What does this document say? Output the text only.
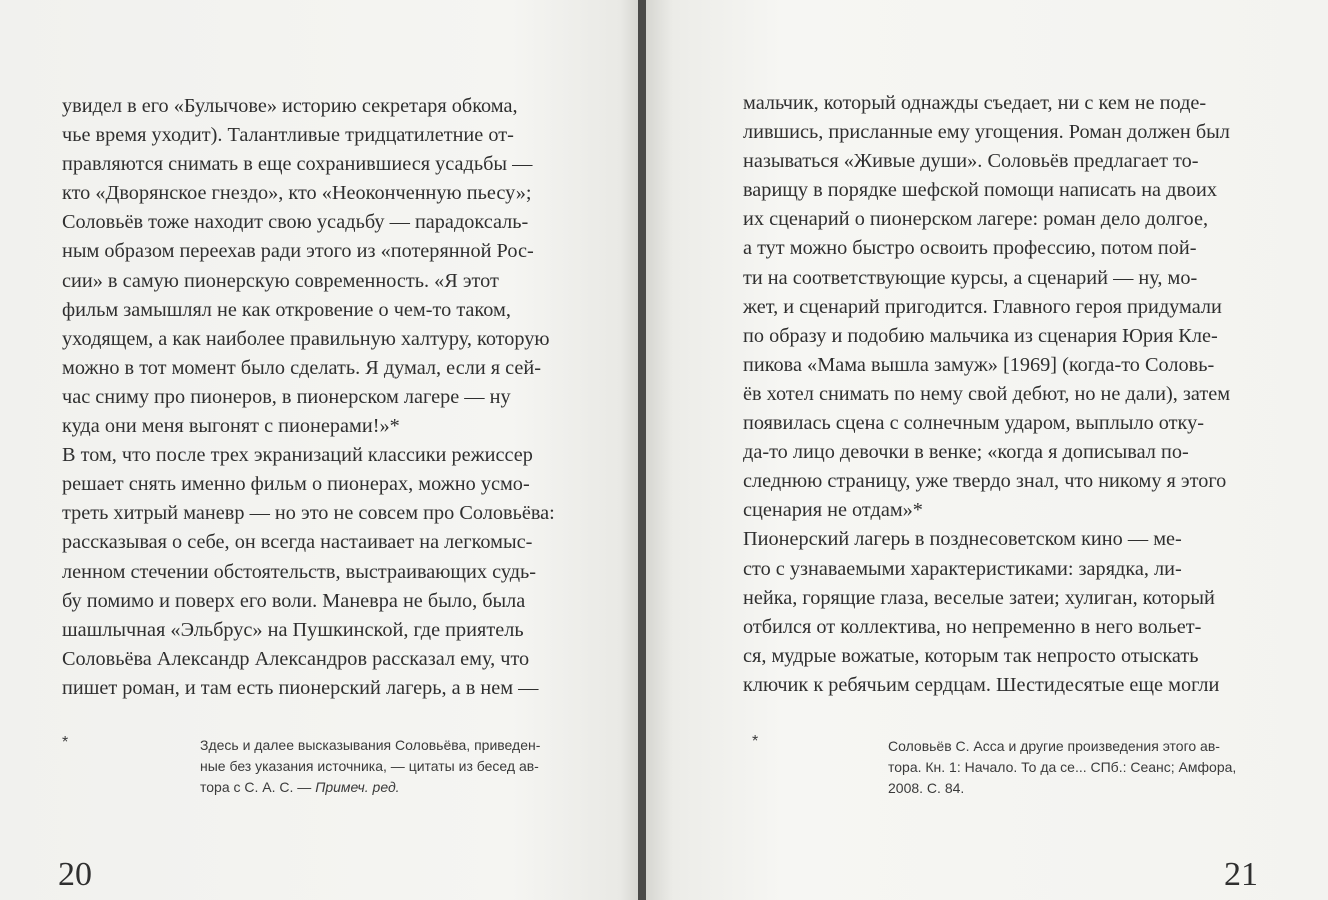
увидел в его «Булычове» историю секретаря обкома,
чье время уходит). Талантливые тридцатилетние от-
правляются снимать в еще сохранившиеся усадьбы —
кто «Дворянское гнездо», кто «Неоконченную пьесу»;
Соловьёв тоже находит свою усадьбу — парадоксаль-
ным образом переехав ради этого из «потерянной Рос-
сии» в самую пионерскую современность. «Я этот
фильм замышлял не как откровение о чем-то таком,
уходящем, а как наиболее правильную халтуру, которую
можно в тот момент было сделать. Я думал, если я сей-
час сниму про пионеров, в пионерском лагере — ну
куда они меня выгонят с пионерами!»*
В том, что после трех экранизаций классики режиссер
решает снять именно фильм о пионерах, можно усмо-
треть хитрый маневр — но это не совсем про Соловьёва:
рассказывая о себе, он всегда настаивает на легкомыс-
ленном стечении обстоятельств, выстраивающих судь-
бу помимо и поверх его воли. Маневра не было, была
шашлычная «Эльбрус» на Пушкинской, где приятель
Соловьёва Александр Александров рассказал ему, что
пишет роман, и там есть пионерский лагерь, а в нем —
*	Здесь и далее высказывания Соловьёва, приведен-
ные без указания источника, — цитаты из бесед ав-
тора с С. А. С. — Примеч. ред.
20
мальчик, который однажды съедает, ни с кем не поде-
лившись, присланные ему угощения. Роман должен был
называться «Живые души». Соловьёв предлагает то-
варищу в порядке шефской помощи написать на двоих
их сценарий о пионерском лагере: роман дело долгое,
а тут можно быстро освоить профессию, потом пой-
ти на соответствующие курсы, а сценарий — ну, мо-
жет, и сценарий пригодится. Главного героя придумали
по образу и подобию мальчика из сценария Юрия Кле-
пикова «Мама вышла замуж» [1969] (когда-то Соловь-
ёв хотел снимать по нему свой дебют, но не дали), затем
появилась сцена с солнечным ударом, выплыло отку-
да-то лицо девочки в венке; «когда я дописывал по-
следнюю страницу, уже твердо знал, что никому я этого
сценария не отдам»*
Пионерский лагерь в позднесоветском кино — ме-
сто с узнаваемыми характеристиками: зарядка, ли-
нейка, горящие глаза, веселые затеи; хулиган, который
отбился от коллектива, но непременно в него вольет-
ся, мудрые вожатые, которым так непросто отыскать
ключик к ребячьим сердцам. Шестидесятые еще могли
*	Соловьёв С. Асса и другие произведения этого ав-
тора. Кн. 1: Начало. То да се... СПб.: Сеанс; Амфора,
2008. С. 84.
21
